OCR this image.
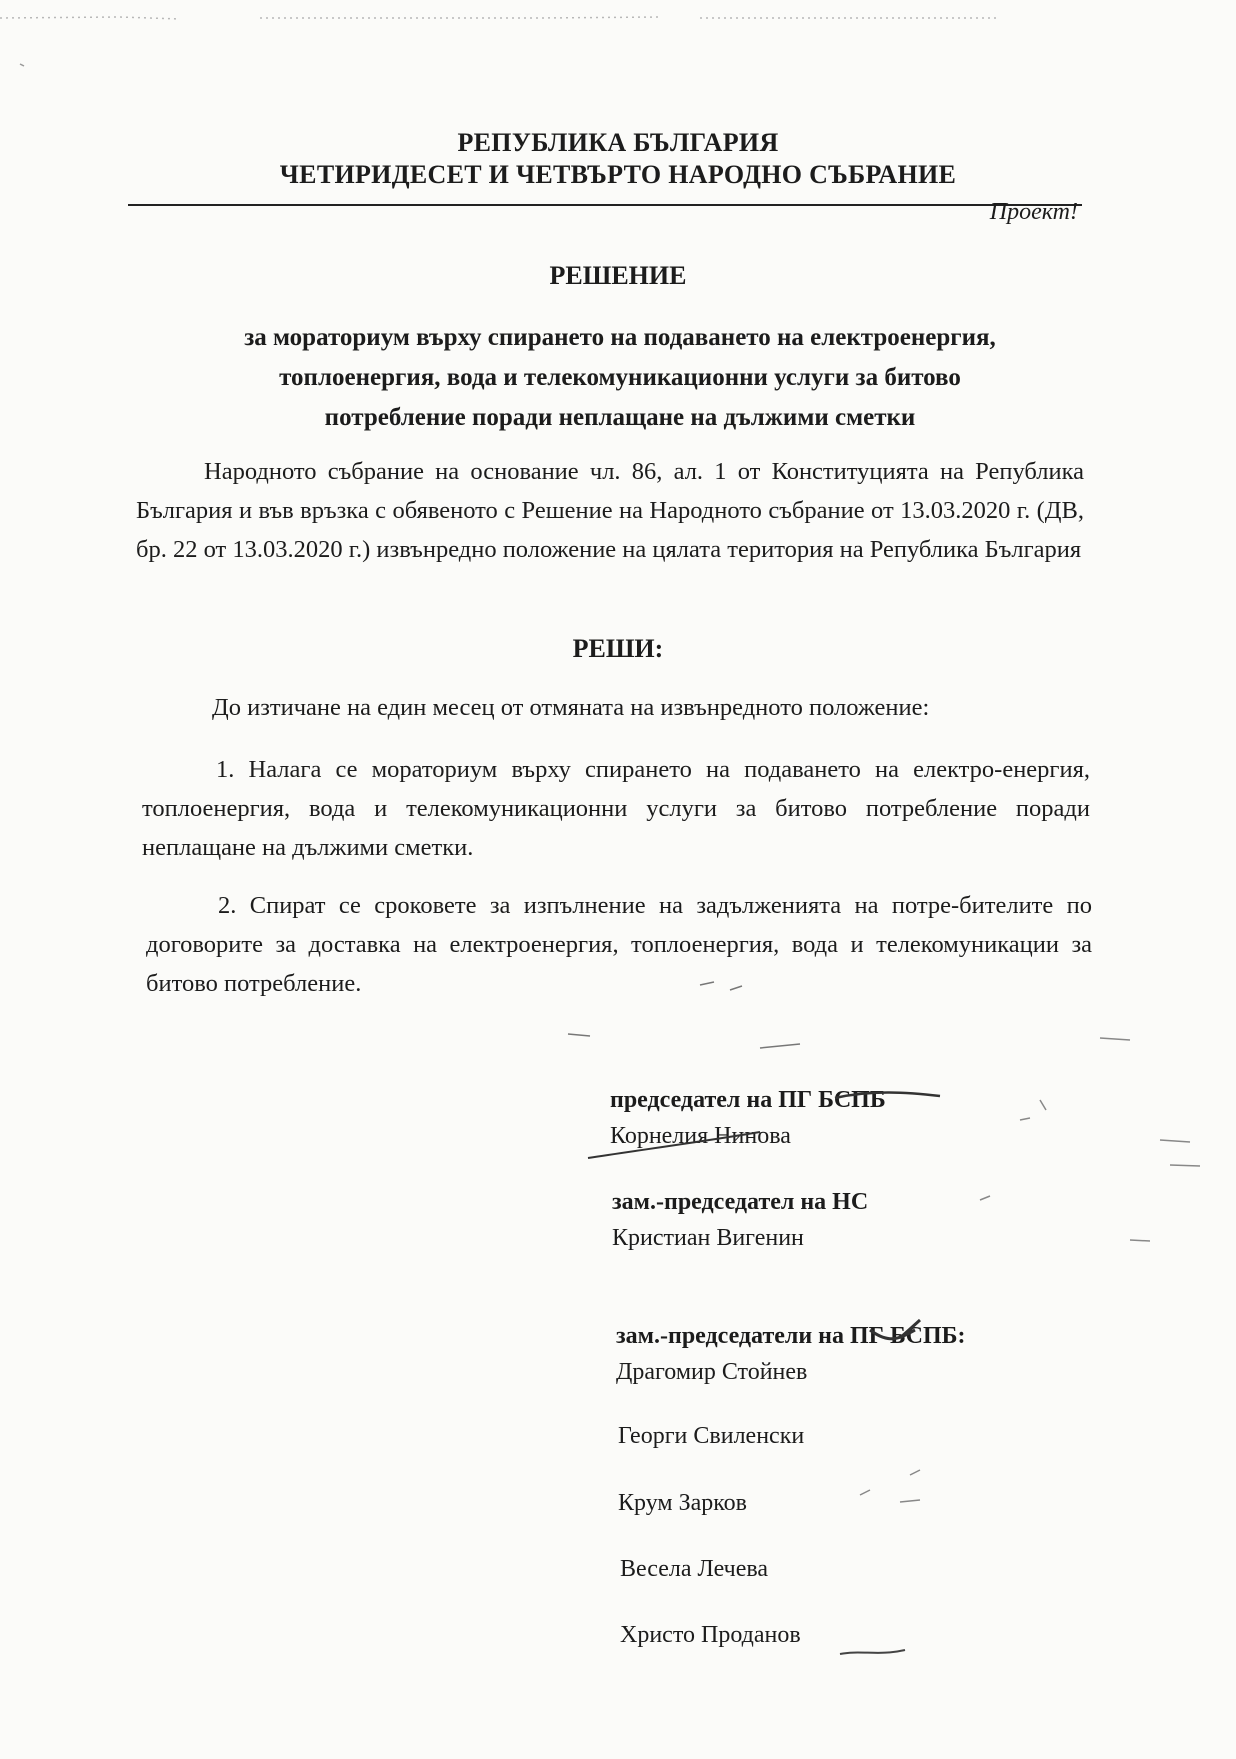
РЕПУБЛИКА БЪЛГАРИЯ
ЧЕТИРИДЕСЕТ И ЧЕТВЪРТО НАРОДНО СЪБРАНИЕ
Проект!
РЕШЕНИЕ
за мораториум върху спирането на подаването на електроенергия,
топлоенергия, вода и телекомуникационни услуги за битово
потребление поради неплащане на дължими сметки
Народното събрание на основание чл. 86, ал. 1 от Конституцията на Република България и във връзка с обявеното с Решение на Народното събрание от 13.03.2020 г. (ДВ, бр. 22 от 13.03.2020 г.) извънредно положение на цялата територия на Република България
РЕШИ:
До изтичане на един месец от отмяната на извънредното положение:
1. Налага се мораториум върху спирането на подаването на електро-енергия, топлоенергия, вода и телекомуникационни услуги за битово потребление поради неплащане на дължими сметки.
2. Спират се сроковете за изпълнение на задълженията на потре-бителите по договорите за доставка на електроенергия, топлоенергия, вода и телекомуникации за битово потребление.
председател на ПГ БСПБ
Корнелия Нинова
зам.-председател на НС
Кристиан Вигенин
зам.-председатели на ПГ БСПБ:
Драгомир Стойнев
Георги Свиленски
Крум Зарков
Весела Лечева
Христо Проданов
